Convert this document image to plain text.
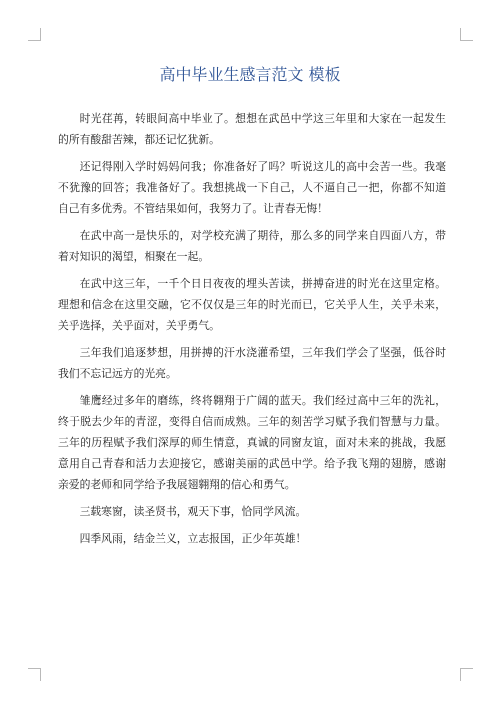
高中毕业生感言范文 模板

时光荏苒，转眼间高中毕业了。想想在武邑中学这三年里和大家在一起发生的所有酸甜苦辣，都还记忆犹新。

还记得刚入学时妈妈问我；你准备好了吗？听说这儿的高中会苦一些。我毫不犹豫的回答；我准备好了。我想挑战一下自己，人不逼自己一把，你都不知道自己有多优秀。不管结果如何，我努力了。让青春无悔！

在武中高一是快乐的，对学校充满了期待，那么多的同学来自四面八方，带着对知识的渴望，相聚在一起。

在武中这三年，一千个日日夜夜的埋头苦读，拼搏奋进的时光在这里定格。理想和信念在这里交融，它不仅仅是三年的时光而已，它关乎人生，关乎未来，关乎选择，关乎面对，关乎勇气。

三年我们追逐梦想，用拼搏的汗水浇灌希望，三年我们学会了坚强，低谷时我们不忘记远方的光亮。

雏鹰经过多年的磨练，终将翱翔于广阔的蓝天。我们经过高中三年的洗礼，终于脱去少年的青涩，变得自信而成熟。三年的刻苦学习赋予我们智慧与力量。三年的历程赋予我们深厚的师生情意，真诚的同窗友谊，面对未来的挑战，我愿意用自己青春和活力去迎接它，感谢美丽的武邑中学。给予我飞翔的翅膀，感谢亲爱的老师和同学给予我展翅翱翔的信心和勇气。

三载寒窗，读圣贤书，观天下事，恰同学风流。

四季风雨，结金兰义，立志报国，正少年英雄！
